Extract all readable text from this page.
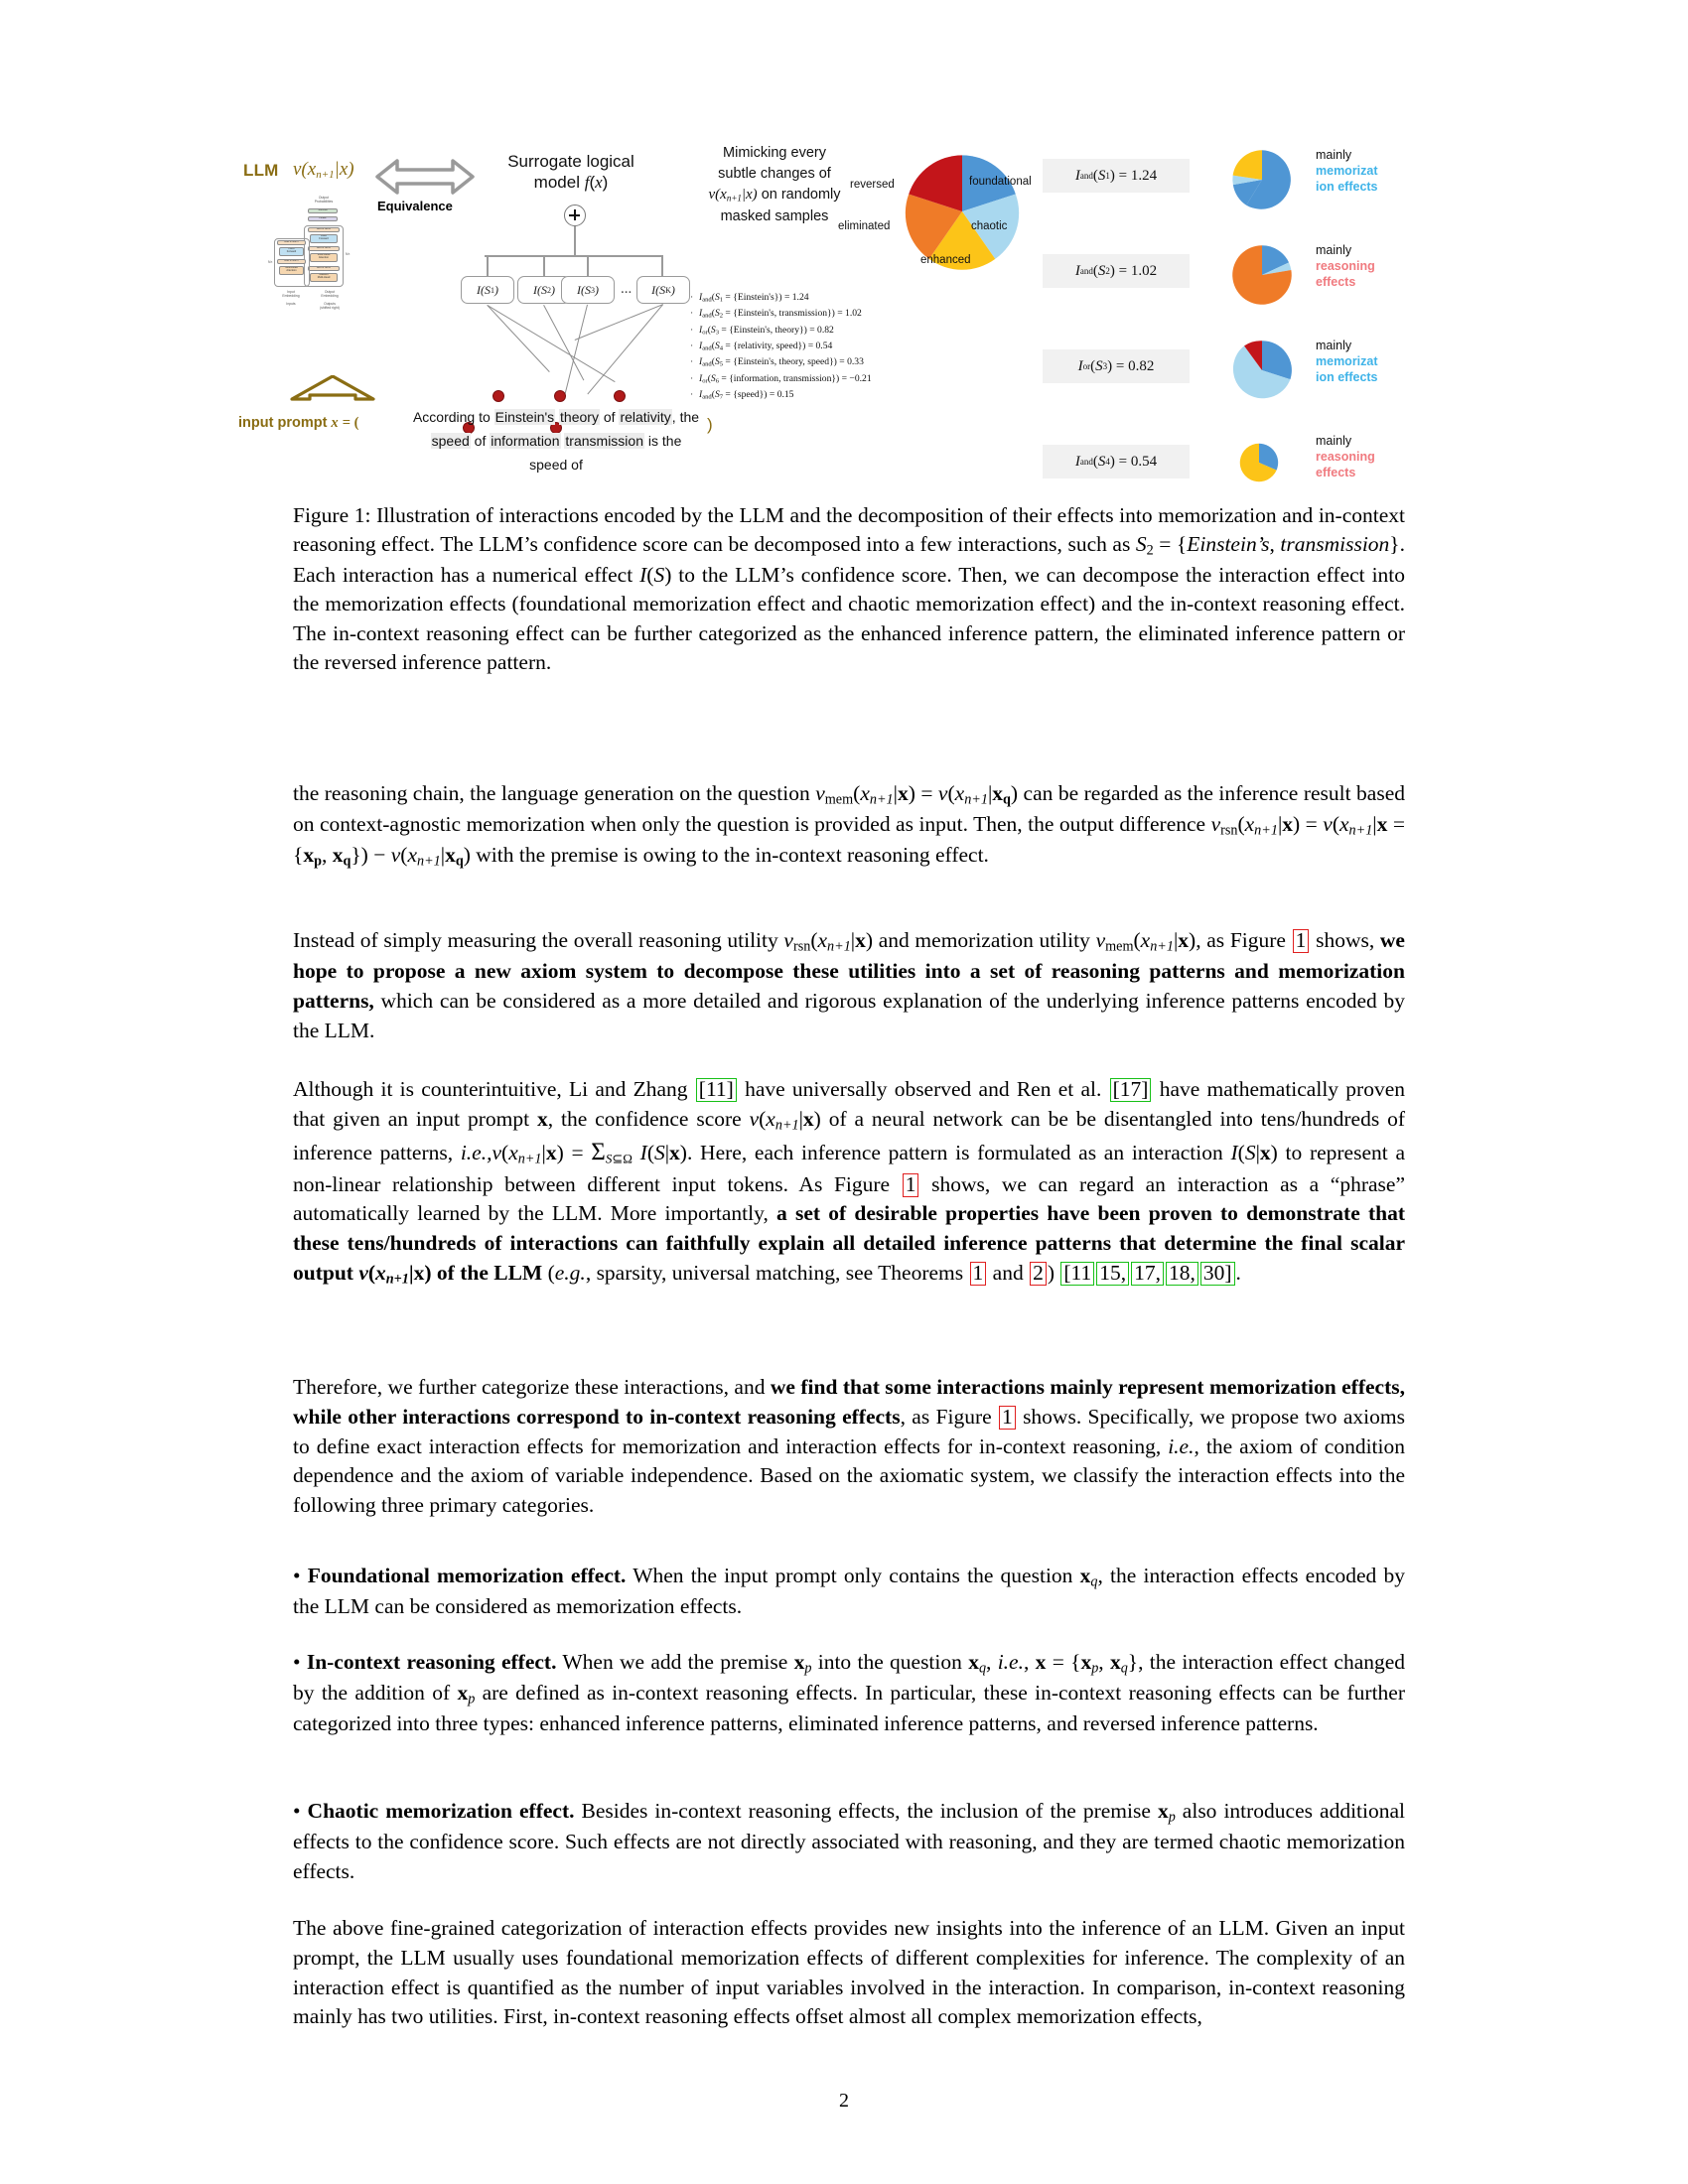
LLM $v(x_{n+1}|x)$
Output
Probabilities
Softmax
Linear
Add & Norm
Feed
Forward
Add & Norm
Multi-Head
Attention
Add & Norm
Masked
Multi-Head
Add & Norm
Feed
Forward
Add & Norm
Multi-Head
Attention
N×
N×
Input
Embedding
Output
Embedding
Inputs	Outputs
(shifted right)
Equivalence
Surrogate logical
model f(x)
I(S 1 )	I(S 2 )	I(S 3 )	...	I(S K )
Mimicking every
subtle changes of
$v(x_{n+1}|x)$ on randomly
masked samples
· $I_{and}(S_1$ = {Einstein's}) = 1.24
· $I_{and}(S_2$ = {Einstein's, transmission}) = 1.02
· $I_{or}(S_3$ = {Einstein's, theory}) = 0.82
· $I_{and}(S_4$ = {relativity, speed}) = 0.54
· $I_{and}(S_5$ = {Einstein's, theory, speed}) = 0.33
· $I_{or}(S_6$ = {information, transmission}) = −0.21
· $I_{and}(S_7$ = {speed}) = 0.15
foundational
chaotic
enhanced
eliminated
reversed
I and ( S 1 ) = 1.24
mainly
memorizat
ion effects
I and ( S 2 ) = 1.02
mainly
reasoning
effects
I or ( S 3 ) = 0.82
mainly
memorizat
ion effects
I and ( S 4 ) = 0.54
mainly
reasoning
effects
input prompt x = (	)
According to Einstein's theory of relativity, the
speed of information transmission is the speed of
Figure 1: Illustration of interactions encoded by the LLM and the decomposition of their effects into memorization and in-context reasoning effect. The LLM’s confidence score can be decomposed into a few interactions, such as $S_2$ = {Einstein’s, transmission}. Each interaction has a numerical effect I(S) to the LLM’s confidence score. Then, we can decompose the interaction effect into the memorization effects (foundational memorization effect and chaotic memorization effect) and the in-context reasoning effect. The in-context reasoning effect can be further categorized as the enhanced inference pattern, the eliminated inference pattern or the reversed inference pattern.
the reasoning chain, the language generation on the question $v_{mem}(x_{n+1}|x) = v(x_{n+1}|x_q)$ can be regarded as the inference result based on context-agnostic memorization when only the question is provided as input. Then, the output difference $v_{rsn}(x_{n+1}|x) = v(x_{n+1}|x = \{x_p$, $x_q\}) - v(x_{n+1}|x_q)$ with the premise is owing to the in-context reasoning effect.
Instead of simply measuring the overall reasoning utility $v_{rsn}(x_{n+1}|x)$ and memorization utility $v_{mem}(x_{n+1}|x)$, as Figure 1 shows, we hope to propose a new axiom system to decompose these utilities into a set of reasoning patterns and memorization patterns, which can be considered as a more detailed and rigorous explanation of the underlying inference patterns encoded by the LLM.
Although it is counterintuitive, Li and Zhang [11] have universally observed and Ren et al. [17] have mathematically proven that given an input prompt x, the confidence score $v(x_{n+1}|x)$ of a neural network can be be disentangled into tens/hundreds of inference patterns, $i.e.,v(x_{n+1}|x) = \Sigma_{S⊆\Omega}$ I(S|x). Here, each inference pattern is formulated as an interaction I(S|x) to represent a non-linear relationship between different input tokens. As Figure 1 shows, we can regard an interaction as a “phrase” automatically learned by the LLM. More importantly, a set of desirable properties have been proven to demonstrate that these tens/hundreds of interactions can faithfully explain all detailed inference patterns that determine the final scalar output $v(x_{n+1}|x)$ of the LLM (e.g., sparsity, universal matching, see Theorems 1 and 2 ) [11 15, 17, 18, 30] .
Therefore, we further categorize these interactions, and we find that some interactions mainly represent memorization effects, while other interactions correspond to in-context reasoning effects, as Figure 1 shows. Specifically, we propose two axioms to define exact interaction effects for memorization and interaction effects for in-context reasoning, i.e., the axiom of condition dependence and the axiom of variable independence. Based on the axiomatic system, we classify the interaction effects into the following three primary categories.
• Foundational memorization effect. When the input prompt only contains the question $x_q$, the interaction effects encoded by the LLM can be considered as memorization effects.
• In-context reasoning effect. When we add the premise $x_p$ into the question $x_q$, i.e., $x = \{x_p$, $x_q$}, the interaction effect changed by the addition of $x_p$ are defined as in-context reasoning effects. In particular, these in-context reasoning effects can be further categorized into three types: enhanced inference patterns, eliminated inference patterns, and reversed inference patterns.
• Chaotic memorization effect. Besides in-context reasoning effects, the inclusion of the premise $x_p$ also introduces additional effects to the confidence score. Such effects are not directly associated with reasoning, and they are termed chaotic memorization effects.
The above fine-grained categorization of interaction effects provides new insights into the inference of an LLM. Given an input prompt, the LLM usually uses foundational memorization effects of different complexities for inference. The complexity of an interaction effect is quantified as the number of input variables involved in the interaction. In comparison, in-context reasoning mainly has two utilities. First, in-context reasoning effects offset almost all complex memorization effects,
2
